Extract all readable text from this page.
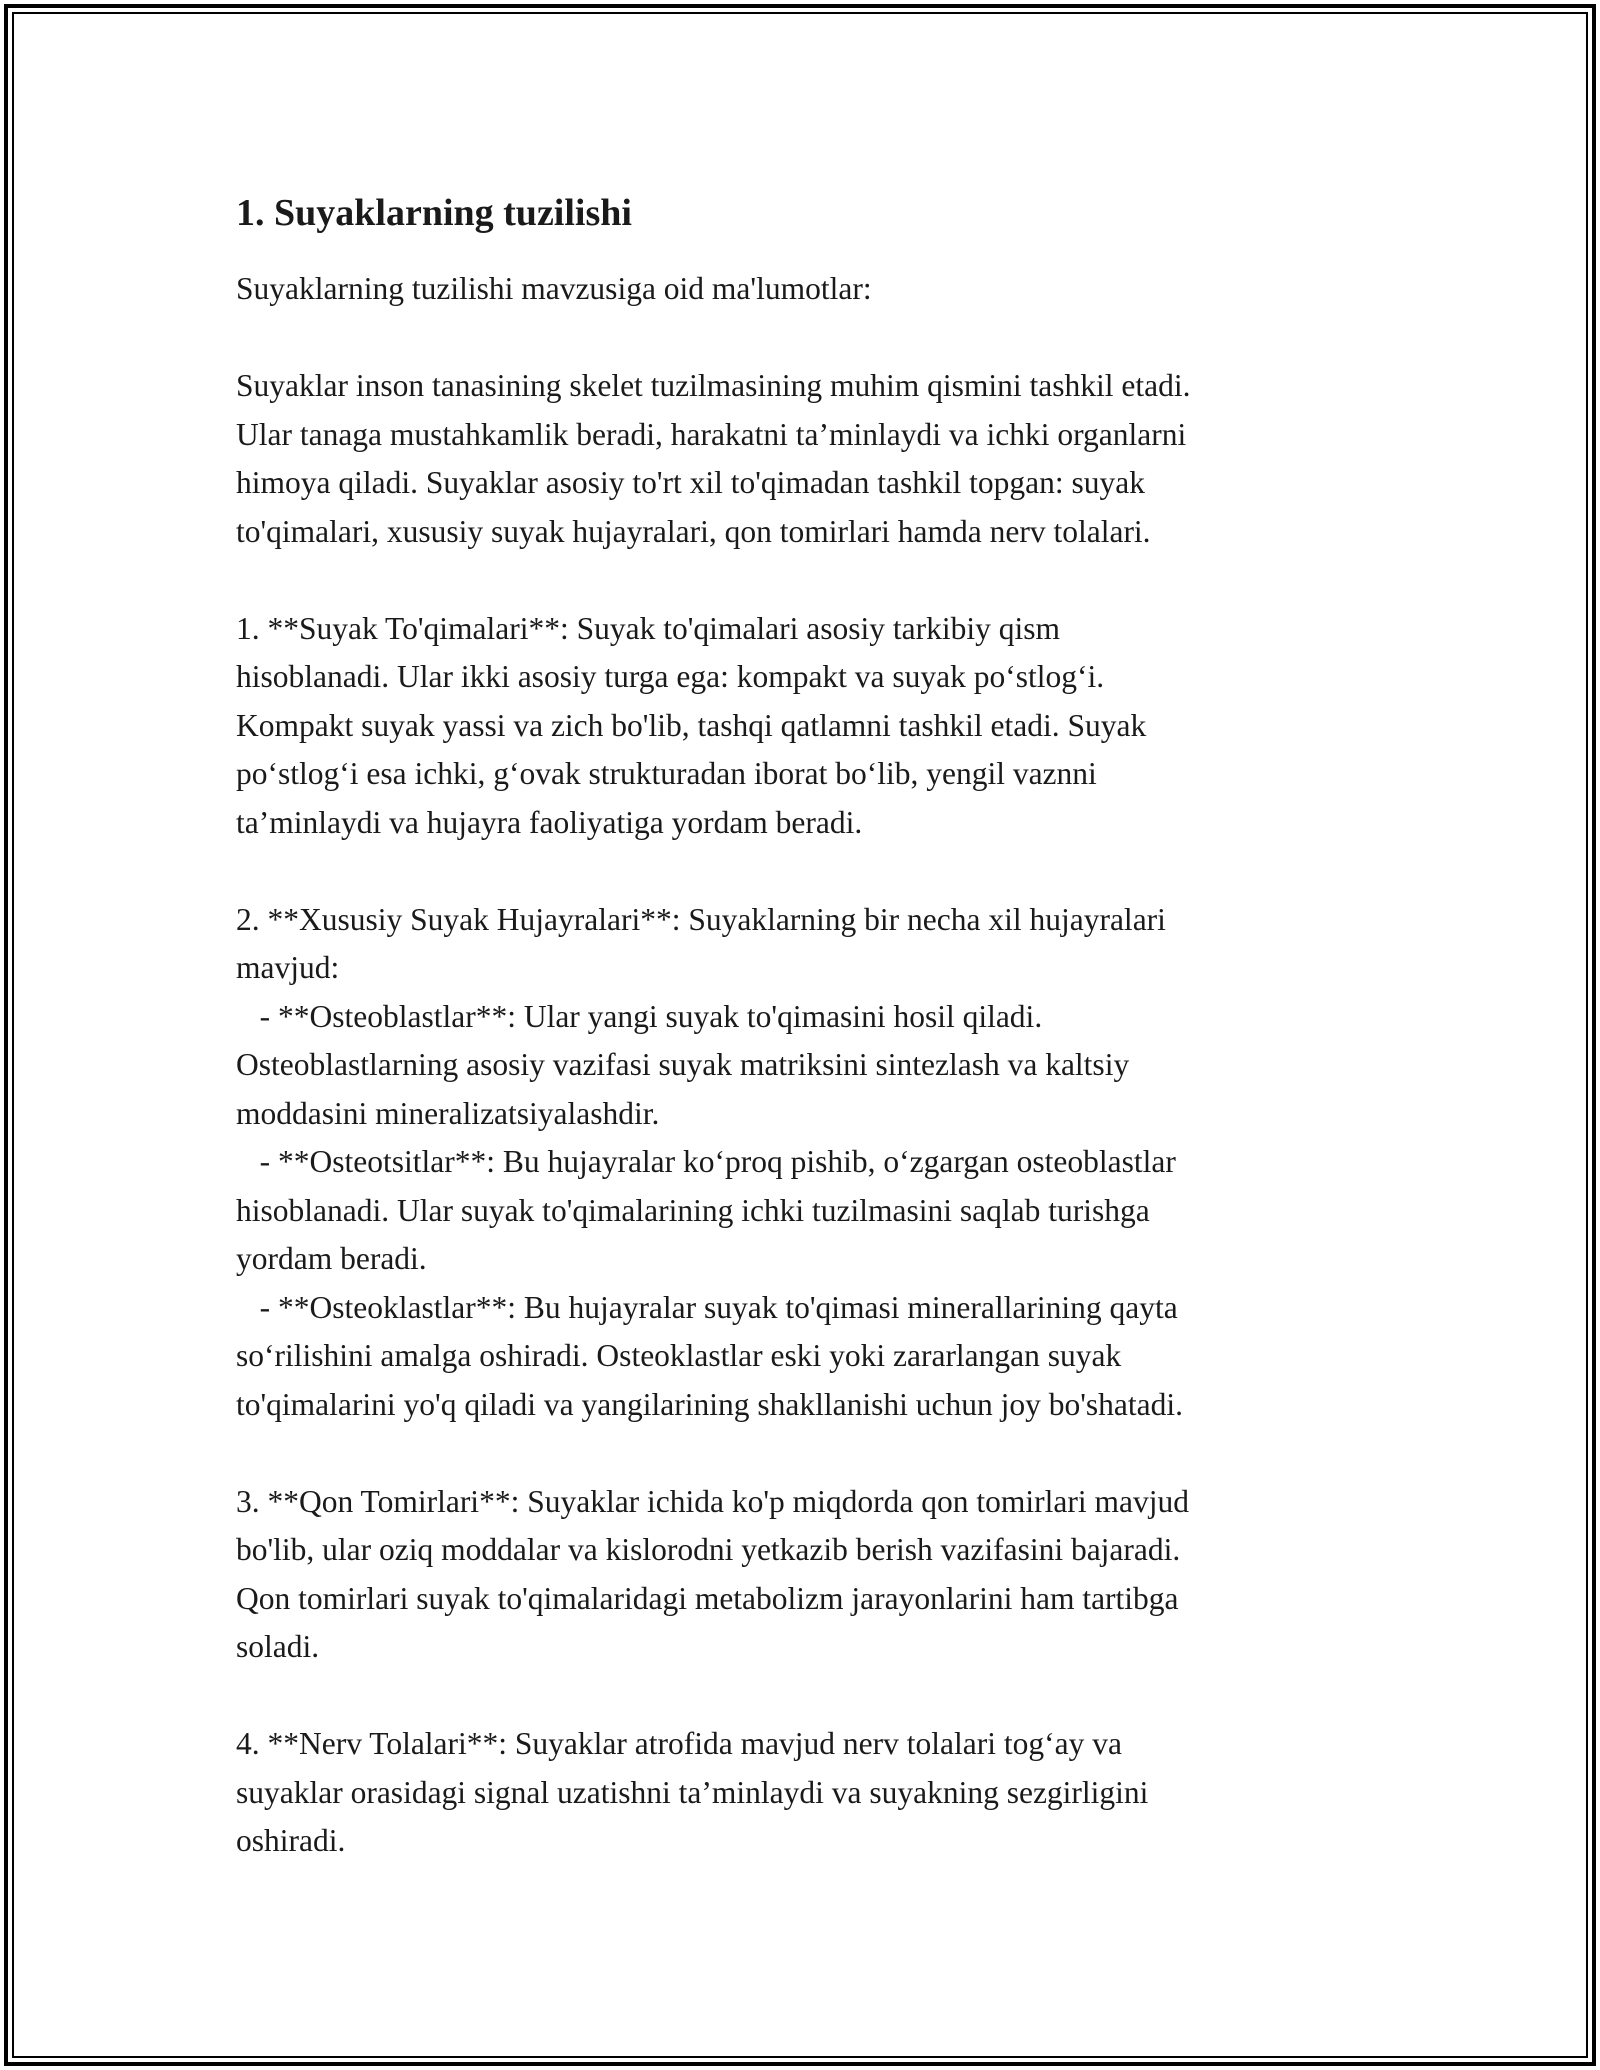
1. Suyaklarning tuzilishi

Suyaklarning tuzilishi mavzusiga oid ma'lumotlar:

Suyaklar inson tanasining skelet tuzilmasining muhim qismini tashkil etadi.

Ular tanaga mustahkamlik beradi, harakatni ta’minlaydi va ichki organlarni

himoya qiladi. Suyaklar asosiy to'rt xil to'qimadan tashkil topgan: suyak

to'qimalari, xususiy suyak hujayralari, qon tomirlari hamda nerv tolalari.

1. **Suyak To'qimalari**: Suyak to'qimalari asosiy tarkibiy qism

hisoblanadi. Ular ikki asosiy turga ega: kompakt va suyak po‘stlog‘i.

Kompakt suyak yassi va zich bo'lib, tashqi qatlamni tashkil etadi. Suyak

po‘stlog‘i esa ichki, g‘ovak strukturadan iborat bo‘lib, yengil vaznni

ta’minlaydi va hujayra faoliyatiga yordam beradi.

2. **Xususiy Suyak Hujayralari**: Suyaklarning bir necha xil hujayralari

mavjud:

- **Osteoblastlar**: Ular yangi suyak to'qimasini hosil qiladi.

Osteoblastlarning asosiy vazifasi suyak matriksini sintezlash va kaltsiy

moddasini mineralizatsiyalashdir.

- **Osteotsitlar**: Bu hujayralar ko‘proq pishib, o‘zgargan osteoblastlar

hisoblanadi. Ular suyak to'qimalarining ichki tuzilmasini saqlab turishga

yordam beradi.

- **Osteoklastlar**: Bu hujayralar suyak to'qimasi minerallarining qayta

so‘rilishini amalga oshiradi. Osteoklastlar eski yoki zararlangan suyak

to'qimalarini yo'q qiladi va yangilarining shakllanishi uchun joy bo'shatadi.

3. **Qon Tomirlari**: Suyaklar ichida ko'p miqdorda qon tomirlari mavjud

bo'lib, ular oziq moddalar va kislorodni yetkazib berish vazifasini bajaradi.

Qon tomirlari suyak to'qimalaridagi metabolizm jarayonlarini ham tartibga

soladi.

4. **Nerv Tolalari**: Suyaklar atrofida mavjud nerv tolalari tog‘ay va

suyaklar orasidagi signal uzatishni ta’minlaydi va suyakning sezgirligini

oshiradi.
